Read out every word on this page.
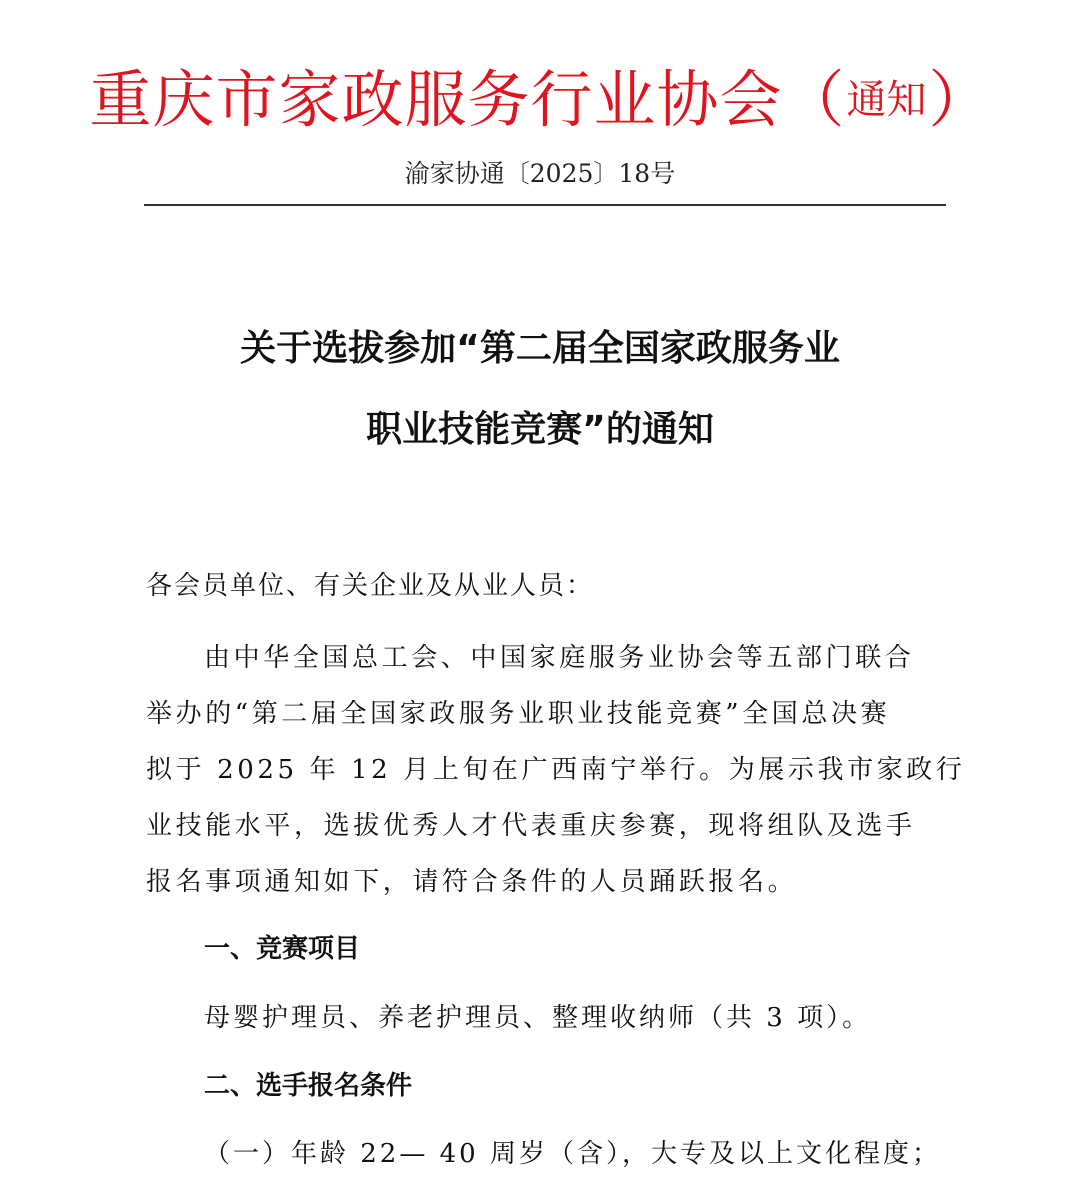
重庆市家政服务行业协会（通知）
渝家协通〔2025〕18号
关于选拔参加“第二届全国家政服务业
职业技能竞赛”的通知
各会员单位、有关企业及从业人员：
由中华全国总工会、中国家庭服务业协会等五部门联合
举办的“第二届全国家政服务业职业技能竞赛”全国总决赛
拟于 2025 年 12 月上旬在广西南宁举行。为展示我市家政行
业技能水平，选拔优秀人才代表重庆参赛，现将组队及选手
报名事项通知如下，请符合条件的人员踊跃报名。
一、竞赛项目
母婴护理员、养老护理员、整理收纳师（共 3 项）。
二、选手报名条件
（一）年龄 22— 40 周岁（含），大专及以上文化程度；
